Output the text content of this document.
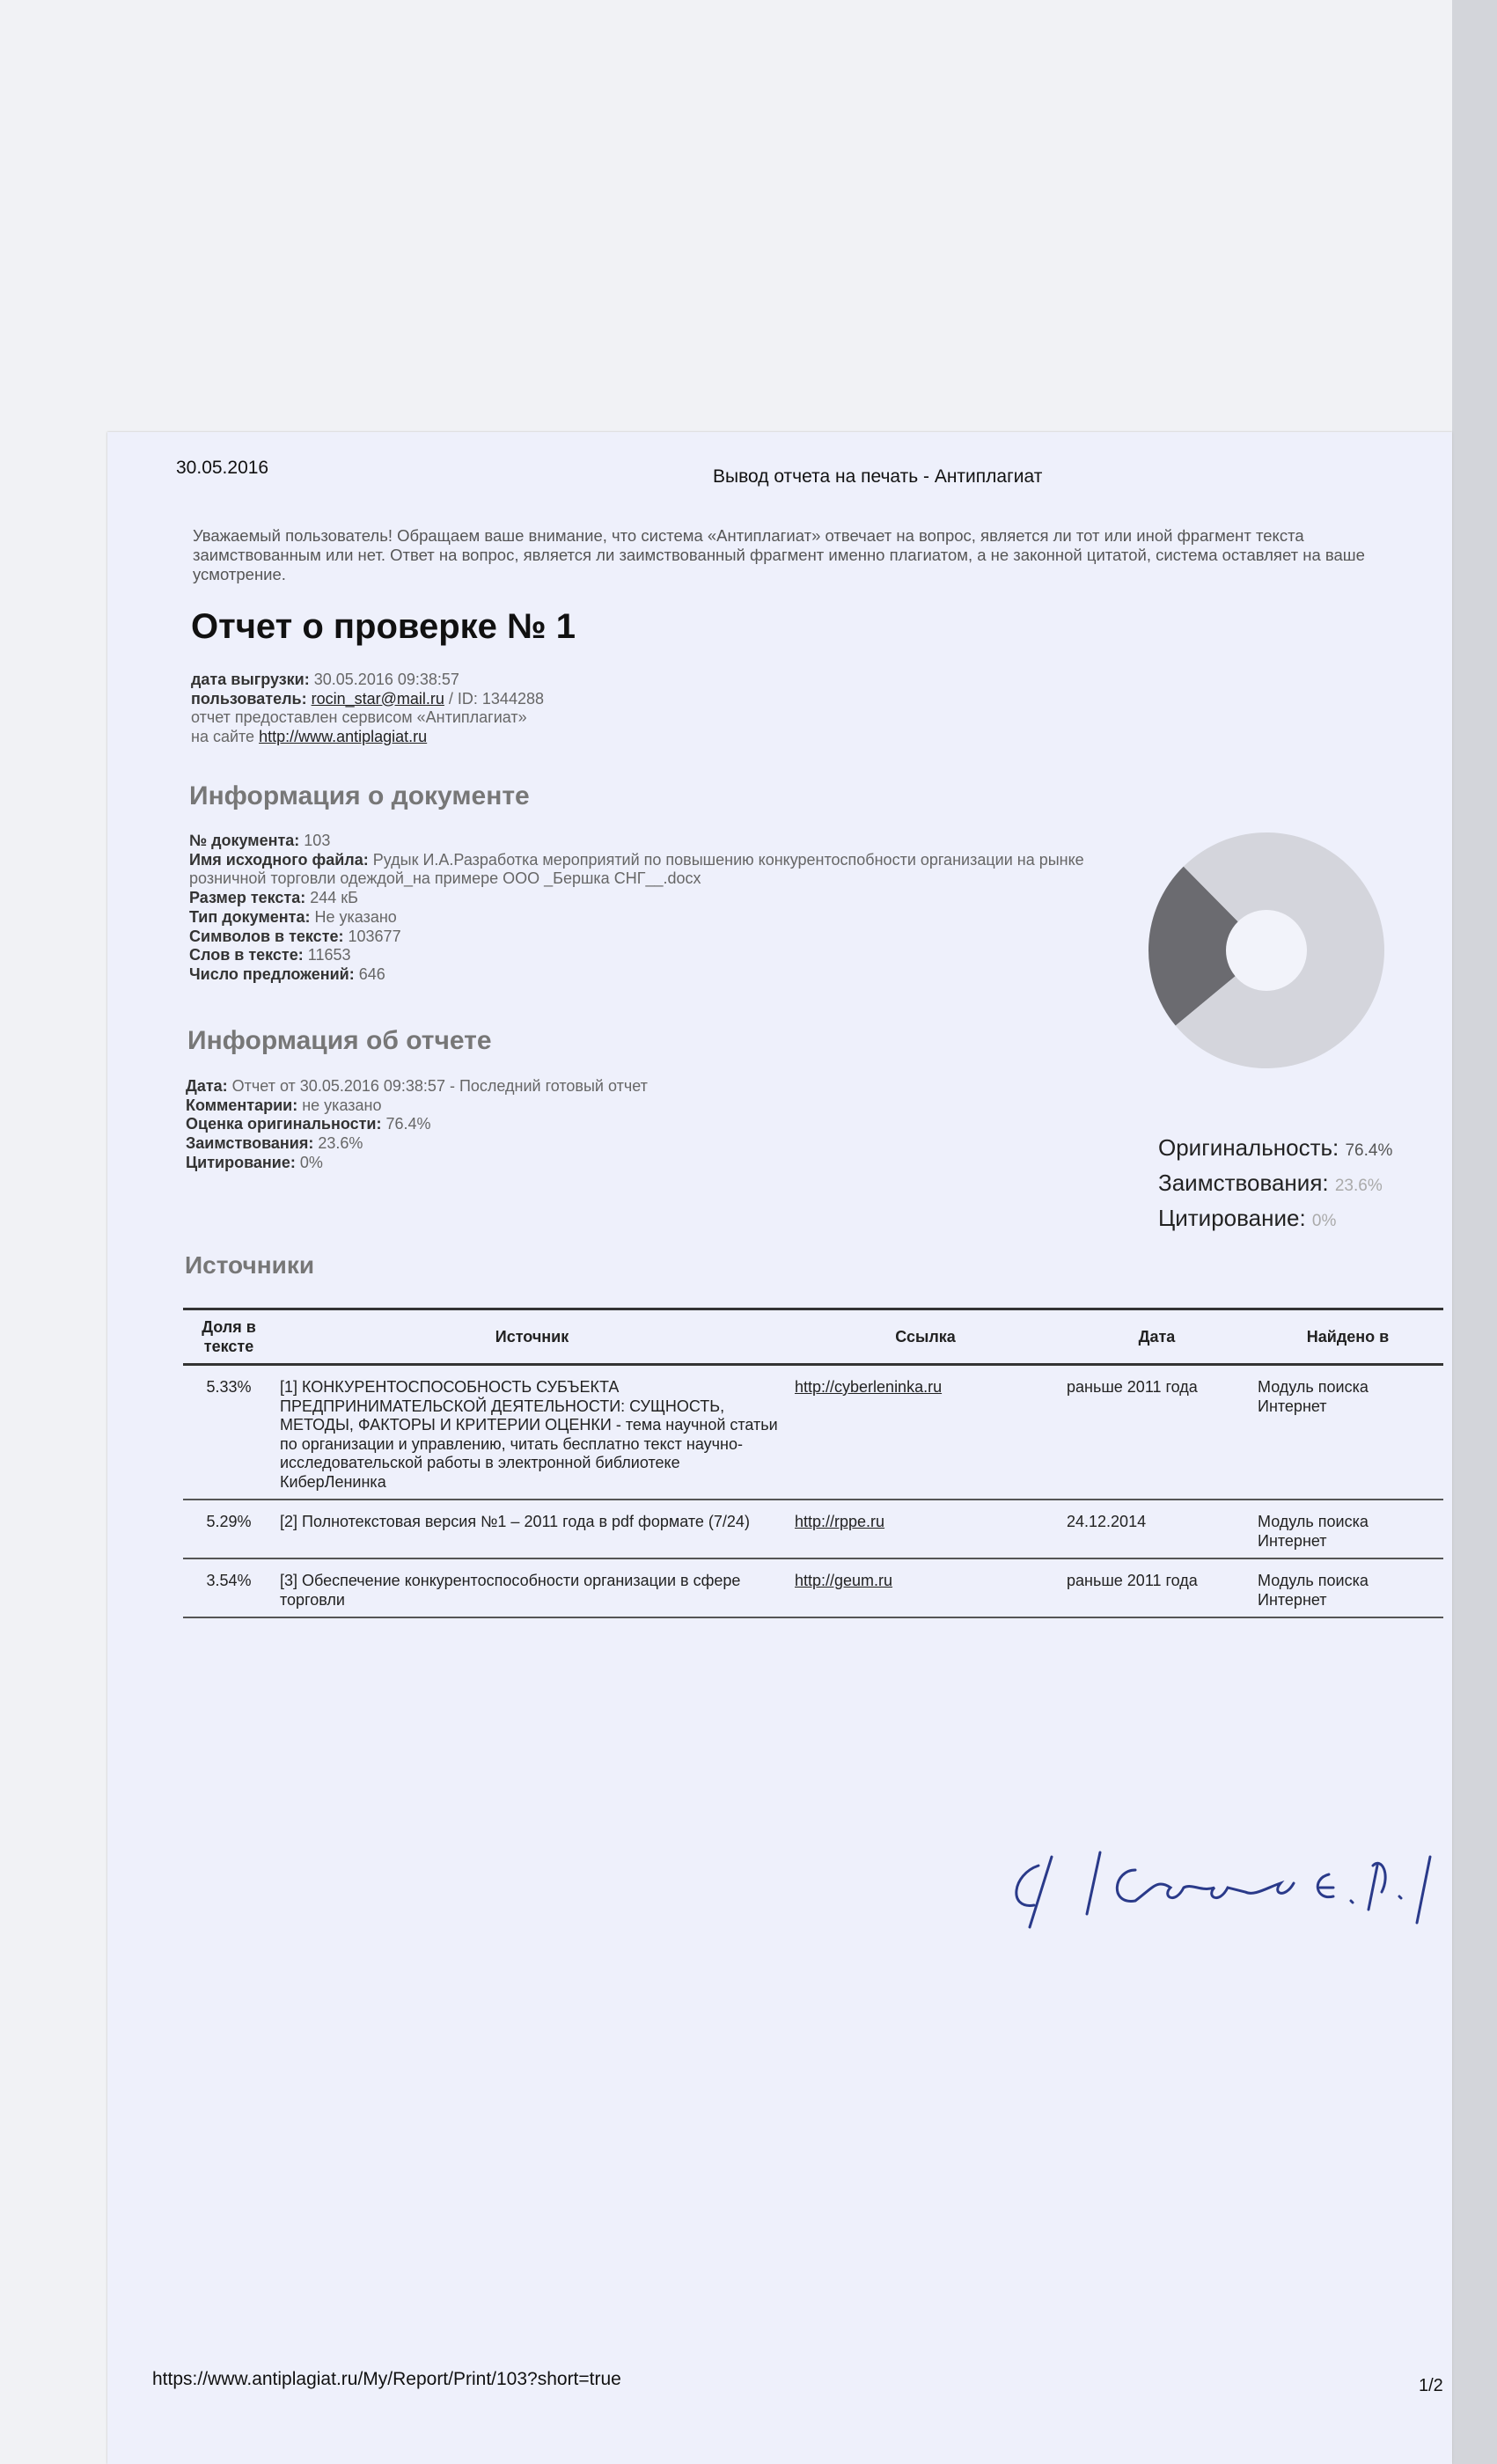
30.05.2016	Вывод отчета на печать - Антиплагиат
Уважаемый пользователь! Обращаем ваше внимание, что система «Антиплагиат» отвечает на вопрос, является ли тот или иной фрагмент текста заимствованным или нет. Ответ на вопрос, является ли заимствованный фрагмент именно плагиатом, а не законной цитатой, система оставляет на ваше усмотрение.
Отчет о проверке № 1
дата выгрузки: 30.05.2016 09:38:57
пользователь: rocin_star@mail.ru / ID: 1344288
отчет предоставлен сервисом «Антиплагиат»
на сайте http://www.antiplagiat.ru
Информация о документе
№ документа: 103
Имя исходного файла: Рудык И.А.Разработка мероприятий по повышению конкурентоспобности организации на рынке розничной торговли одеждой_на примере ООО _Бершка СНГ__.docx
Размер текста: 244 кБ
Тип документа: Не указано
Символов в тексте: 103677
Слов в тексте: 11653
Число предложений: 646
Информация об отчете
Дата: Отчет от 30.05.2016 09:38:57 - Последний готовый отчет
Комментарии: не указано
Оценка оригинальности: 76.4%
Заимствования: 23.6%
Цитирование: 0%
Оригинальность: 76.4%
Заимствования: 23.6%
Цитирование: 0%
Источники
Доля в тексте	Источник	Ссылка	Дата	Найдено в
5.33%	[1] КОНКУРЕНТОСПОСОБНОСТЬ СУБЪЕКТА ПРЕДПРИНИМАТЕЛЬСКОЙ ДЕЯТЕЛЬНОСТИ: СУЩНОСТЬ, МЕТОДЫ, ФАКТОРЫ И КРИТЕРИИ ОЦЕНКИ - тема научной статьи по организации и управлению, читать бесплатно текст научно-исследовательской работы в электронной библиотеке КиберЛенинка	http://cyberleninka.ru	раньше 2011 года	Модуль поиска Интернет
5.29%	[2] Полнотекстовая версия №1 – 2011 года в pdf формате (7/24)	http://rppe.ru	24.12.2014	Модуль поиска Интернет
3.54%	[3] Обеспечение конкурентоспособности организации в сфере торговли	http://geum.ru	раньше 2011 года	Модуль поиска Интернет
https://www.antiplagiat.ru/My/Report/Print/103?short=true	1/2
